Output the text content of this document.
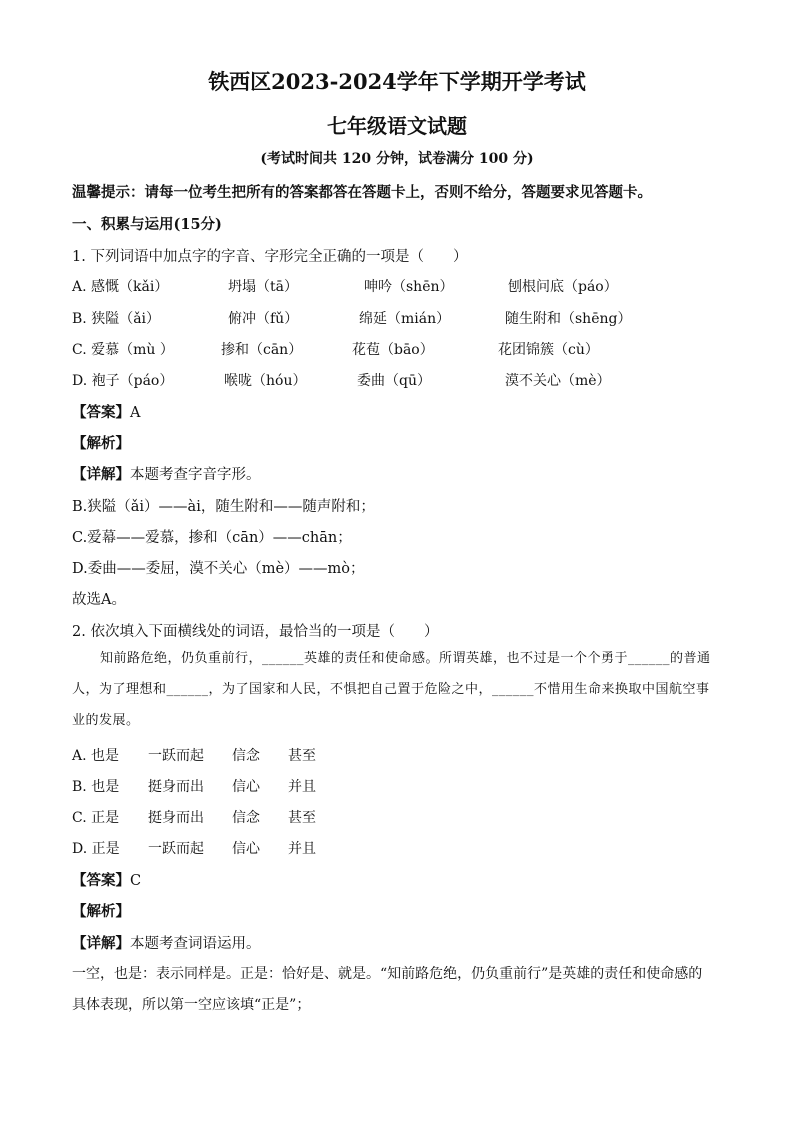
铁西区2023-2024学年下学期开学考试
七年级语文试题
(考试时间共 120 分钟，试卷满分 100 分)
温馨提示：请每一位考生把所有的答案都答在答题卡上，否则不给分，答题要求见答题卡。
一、积累与运用(15分)
1. 下列词语中加点字的字音、字形完全正确的一项是（　　）
A. 感慨（kǎi）	坍塌（tā）	呻吟（shēn）	刨根问底（páo）
B. 狭隘（ǎi）	俯冲（fǔ）	绵延（mián）	随生附和（shēng）
C. 爱慕（mù ）	掺和（cān）	花苞（bāo）	花团锦簇（cù）
D. 袍子（páo）	喉咙（hóu）	委曲（qū）	漠不关心（mè）
【答案】A
【解析】
【详解】本题考查字音字形。
B.狭隘（ǎi）——ài，随生附和——随声附和；
C.爱幕——爱慕，掺和（cān）——chān；
D.委曲——委屈，漠不关心（mè）——mò；
故选A。
2. 依次填入下面横线处的词语，最恰当的一项是（　　）
知前路危绝，仍负重前行，______英雄的责任和使命感。所谓英雄，也不过是一个个勇于______的普通人，为了理想和______，为了国家和人民，不惧把自己置于危险之中，______不惜用生命来换取中国航空事业的发展。
A. 也是 一跃而起 信念 甚至
B. 也是 挺身而出 信心 并且
C. 正是 挺身而出 信念 甚至
D. 正是 一跃而起 信心 并且
【答案】C
【解析】
【详解】本题考查词语运用。
一空，也是：表示同样是。正是：恰好是、就是。“知前路危绝，仍负重前行”是英雄的责任和使命感的
具体表现，所以第一空应该填“正是”；
